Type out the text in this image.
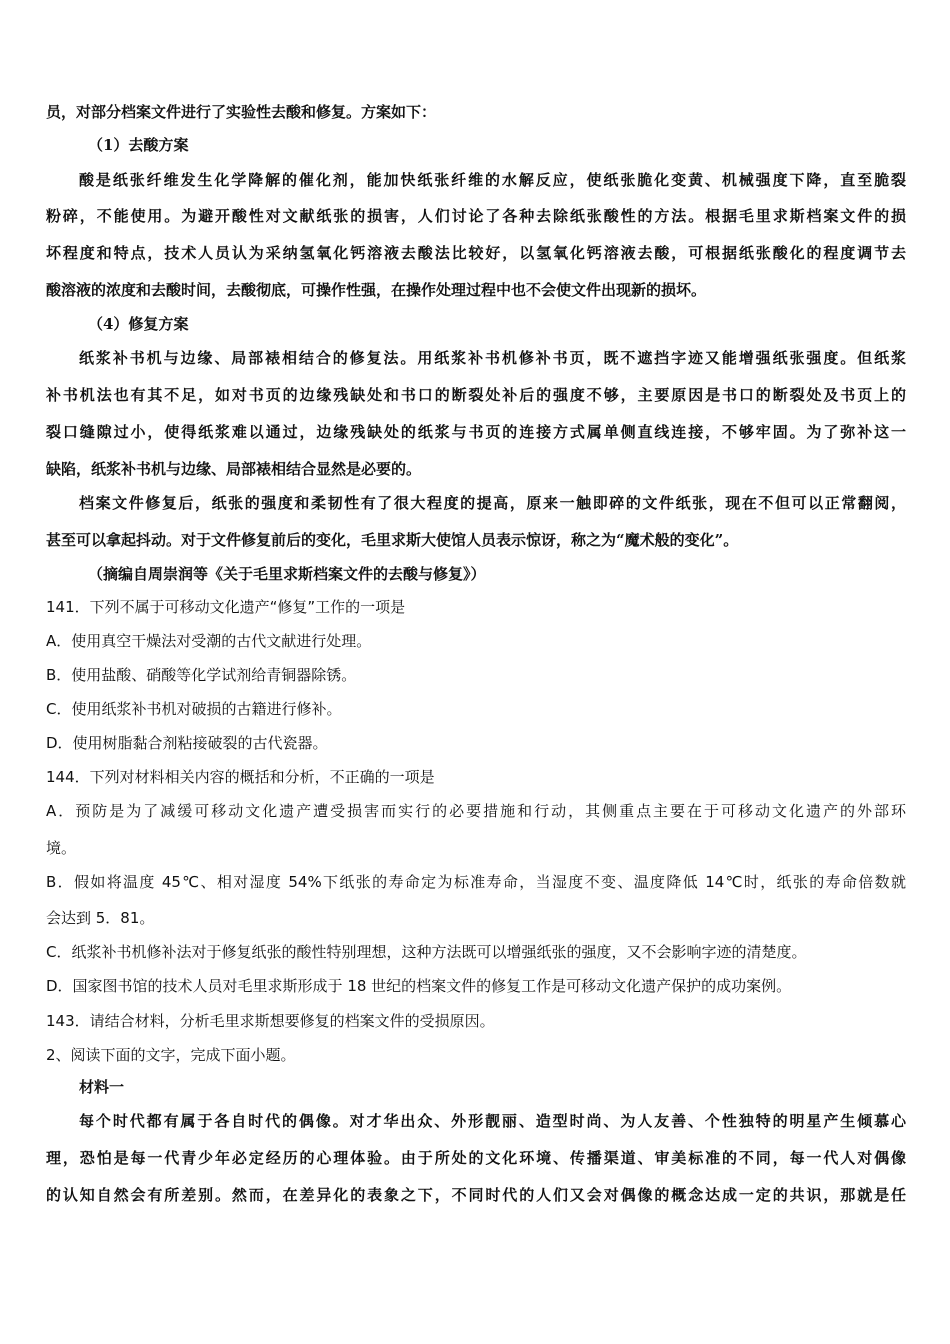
员，对部分档案文件进行了实验性去酸和修复。方案如下：
（1）去酸方案
酸是纸张纤维发生化学降解的催化剂，能加快纸张纤维的水解反应，使纸张脆化变黄、机械强度下降，直至脆裂
粉碎，不能使用。为避开酸性对文献纸张的损害，人们讨论了各种去除纸张酸性的方法。根据毛里求斯档案文件的损
坏程度和特点，技术人员认为采纳氢氧化钙溶液去酸法比较好，以氢氧化钙溶液去酸，可根据纸张酸化的程度调节去
酸溶液的浓度和去酸时间，去酸彻底，可操作性强，在操作处理过程中也不会使文件出现新的损坏。
（4）修复方案
纸浆补书机与边缘、局部裱相结合的修复法。用纸浆补书机修补书页，既不遮挡字迹又能增强纸张强度。但纸浆
补书机法也有其不足，如对书页的边缘残缺处和书口的断裂处补后的强度不够，主要原因是书口的断裂处及书页上的
裂口缝隙过小，使得纸浆难以通过，边缘残缺处的纸浆与书页的连接方式属单侧直线连接，不够牢固。为了弥补这一
缺陷，纸浆补书机与边缘、局部裱相结合显然是必要的。
档案文件修复后，纸张的强度和柔韧性有了很大程度的提高，原来一触即碎的文件纸张，现在不但可以正常翻阅，
甚至可以拿起抖动。对于文件修复前后的变化，毛里求斯大使馆人员表示惊讶，称之为“魔术般的变化”。
（摘编自周崇润等《关于毛里求斯档案文件的去酸与修复》）
141．下列不属于可移动文化遗产“修复”工作的一项是
A．使用真空干燥法对受潮的古代文献进行处理。
B．使用盐酸、硝酸等化学试剂给青铜器除锈。
C．使用纸浆补书机对破损的古籍进行修补。
D．使用树脂黏合剂粘接破裂的古代瓷器。
144．下列对材料相关内容的概括和分析，不正确的一项是
A．预防是为了减缓可移动文化遗产遭受损害而实行的必要措施和行动，其侧重点主要在于可移动文化遗产的外部环
境。
B．假如将温度 45℃、相对湿度 54%下纸张的寿命定为标准寿命，当湿度不变、温度降低 14℃时，纸张的寿命倍数就
会达到 5．81。
C．纸浆补书机修补法对于修复纸张的酸性特别理想，这种方法既可以增强纸张的强度，又不会影响字迹的清楚度。
D．国家图书馆的技术人员对毛里求斯形成于 18 世纪的档案文件的修复工作是可移动文化遗产保护的成功案例。
143．请结合材料，分析毛里求斯想要修复的档案文件的受损原因。
2、阅读下面的文字，完成下面小题。
材料一
每个时代都有属于各自时代的偶像。对才华出众、外形靓丽、造型时尚、为人友善、个性独特的明星产生倾慕心
理，恐怕是每一代青少年必定经历的心理体验。由于所处的文化环境、传播渠道、审美标准的不同，每一代人对偶像
的认知自然会有所差别。然而，在差异化的表象之下，不同时代的人们又会对偶像的概念达成一定的共识，那就是任
